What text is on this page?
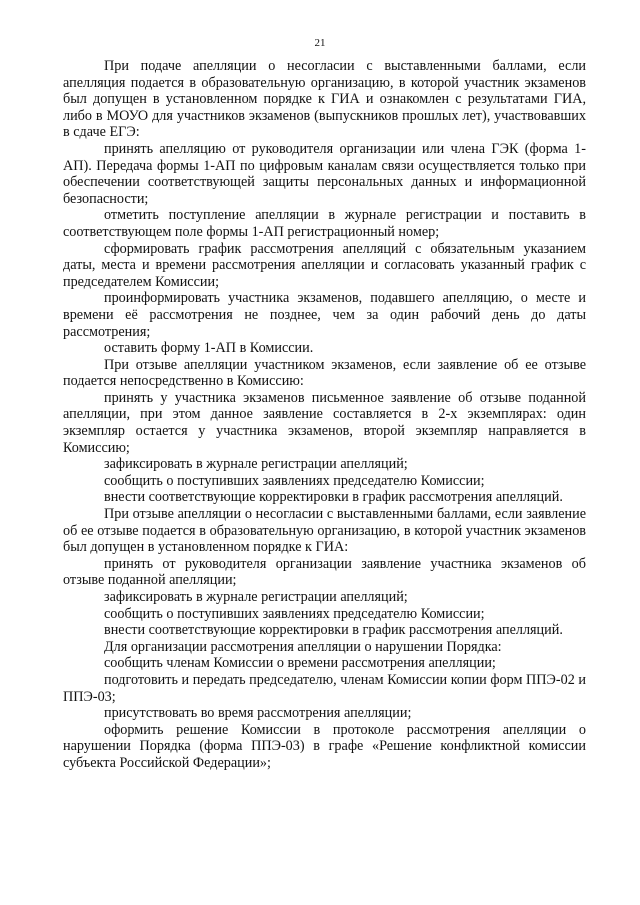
21

При подаче апелляции о несогласии с выставленными баллами, если апелляция подается в образовательную организацию, в которой участник экзаменов был допущен в установленном порядке к ГИА и ознакомлен с результатами ГИА, либо в МОУО для участников экзаменов (выпускников прошлых лет), участвовавших в сдаче ЕГЭ:

принять апелляцию от руководителя организации или члена ГЭК (форма 1-АП). Передача формы 1-АП по цифровым каналам связи осуществляется только при обеспечении соответствующей защиты персональных данных и информационной безопасности;

отметить поступление апелляции в журнале регистрации и поставить в соответствующем поле формы 1-АП регистрационный номер;

сформировать график рассмотрения апелляций с обязательным указанием даты, места и времени рассмотрения апелляции и согласовать указанный график с председателем Комиссии;

проинформировать участника экзаменов, подавшего апелляцию, о месте и времени её рассмотрения не позднее, чем за один рабочий день до даты рассмотрения;

оставить форму 1-АП в Комиссии.

При отзыве апелляции участником экзаменов, если заявление об ее отзыве подается непосредственно в Комиссию:

принять у участника экзаменов письменное заявление об отзыве поданной апелляции, при этом данное заявление составляется в 2-х экземплярах: один экземпляр остается у участника экзаменов, второй экземпляр направляется в Комиссию;

зафиксировать в журнале регистрации апелляций;

сообщить о поступивших заявлениях председателю Комиссии;

внести соответствующие корректировки в график рассмотрения апелляций.

При отзыве апелляции о несогласии с выставленными баллами, если заявление об ее отзыве подается в образовательную организацию, в которой участник экзаменов был допущен в установленном порядке к ГИА:

принять от руководителя организации заявление участника экзаменов об отзыве поданной апелляции;

зафиксировать в журнале регистрации апелляций;

сообщить о поступивших заявлениях председателю Комиссии;

внести соответствующие корректировки в график рассмотрения апелляций.

Для организации рассмотрения апелляции о нарушении Порядка:

сообщить членам Комиссии о времени рассмотрения апелляции;

подготовить и передать председателю, членам Комиссии копии форм ППЭ-02 и ППЭ-03;

присутствовать во время рассмотрения апелляции;

оформить решение Комиссии в протоколе рассмотрения апелляции о нарушении Порядка (форма ППЭ-03) в графе «Решение конфликтной комиссии субъекта Российской Федерации»;
